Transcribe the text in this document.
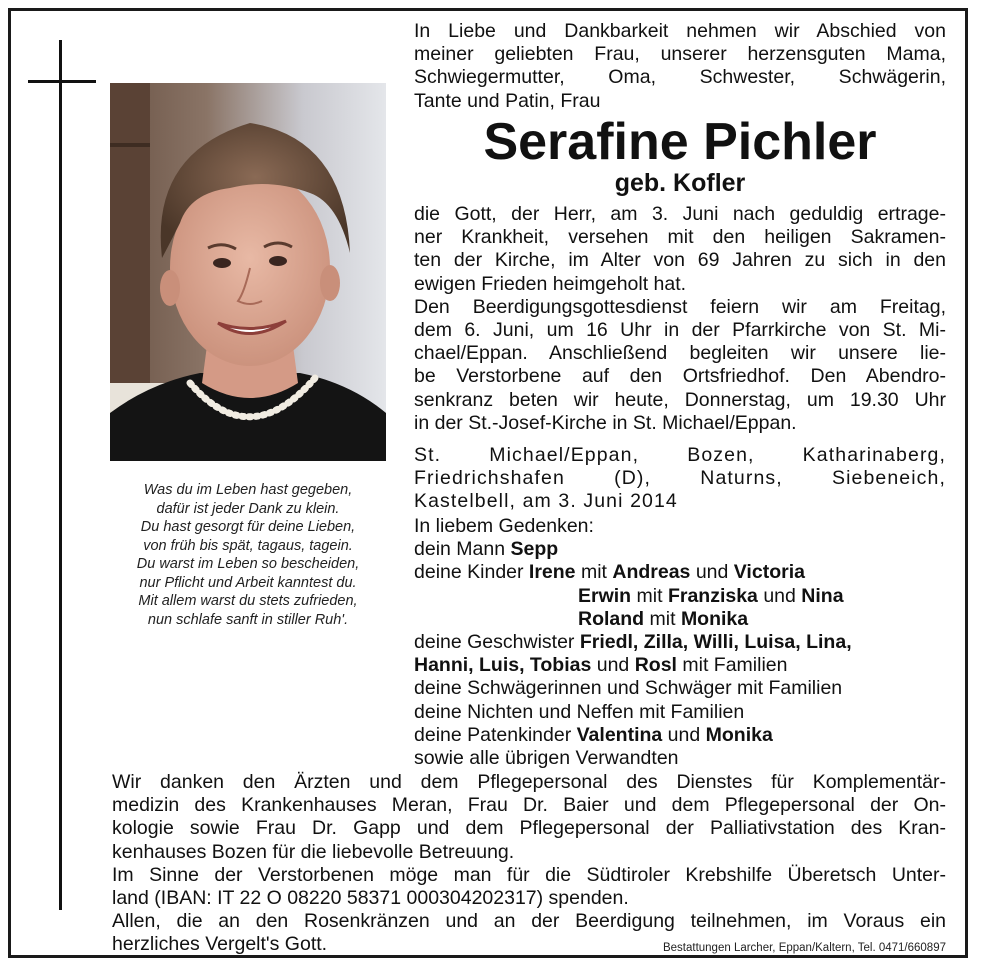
Was du im Leben hast gegeben,
dafür ist jeder Dank zu klein.
Du hast gesorgt für deine Lieben,
von früh bis spät, tagaus, tagein.
Du warst im Leben so bescheiden,
nur Pflicht und Arbeit kanntest du.
Mit allem warst du stets zufrieden,
nun schlafe sanft in stiller Ruh'.
In Liebe und Dankbarkeit nehmen wir Abschied von
meiner geliebten Frau, unserer herzensguten Mama,
Schwiegermutter, Oma, Schwester, Schwägerin,
Tante und Patin, Frau
Serafine Pichler
geb. Kofler
die Gott, der Herr, am 3. Juni nach geduldig ertrage-
ner Krankheit, versehen mit den heiligen Sakramen-
ten der Kirche, im Alter von 69 Jahren zu sich in den
ewigen Frieden heimgeholt hat.
Den Beerdigungsgottesdienst feiern wir am Freitag,
dem 6. Juni, um 16 Uhr in der Pfarrkirche von St. Mi-
chael/Eppan. Anschließend begleiten wir unsere lie-
be Verstorbene auf den Ortsfriedhof. Den Abendro-
senkranz beten wir heute, Donnerstag, um 19.30 Uhr
in der St.-Josef-Kirche in St. Michael/Eppan.
St. Michael/Eppan, Bozen, Katharinaberg,
Friedrichshafen (D), Naturns, Siebeneich,
Kastelbell, am 3. Juni 2014
In liebem Gedenken:
dein Mann Sepp
deine Kinder Irene mit Andreas und Victoria
Erwin mit Franziska und Nina
Roland mit Monika
deine Geschwister Friedl, Zilla, Willi, Luisa, Lina,
Hanni, Luis, Tobias und Rosl mit Familien
deine Schwägerinnen und Schwäger mit Familien
deine Nichten und Neffen mit Familien
deine Patenkinder Valentina und Monika
sowie alle übrigen Verwandten
Wir danken den Ärzten und dem Pflegepersonal des Dienstes für Komplementär-
medizin des Krankenhauses Meran, Frau Dr. Baier und dem Pflegepersonal der On-
kologie sowie Frau Dr. Gapp und dem Pflegepersonal der Palliativstation des Kran-
kenhauses Bozen für die liebevolle Betreuung.
Im Sinne der Verstorbenen möge man für die Südtiroler Krebshilfe Überetsch Unter-
land (IBAN: IT 22 O 08220 58371 000304202317) spenden.
Allen, die an den Rosenkränzen und an der Beerdigung teilnehmen, im Voraus ein
herzliches Vergelt's Gott.	Bestattungen Larcher, Eppan/Kaltern, Tel. 0471/660897
